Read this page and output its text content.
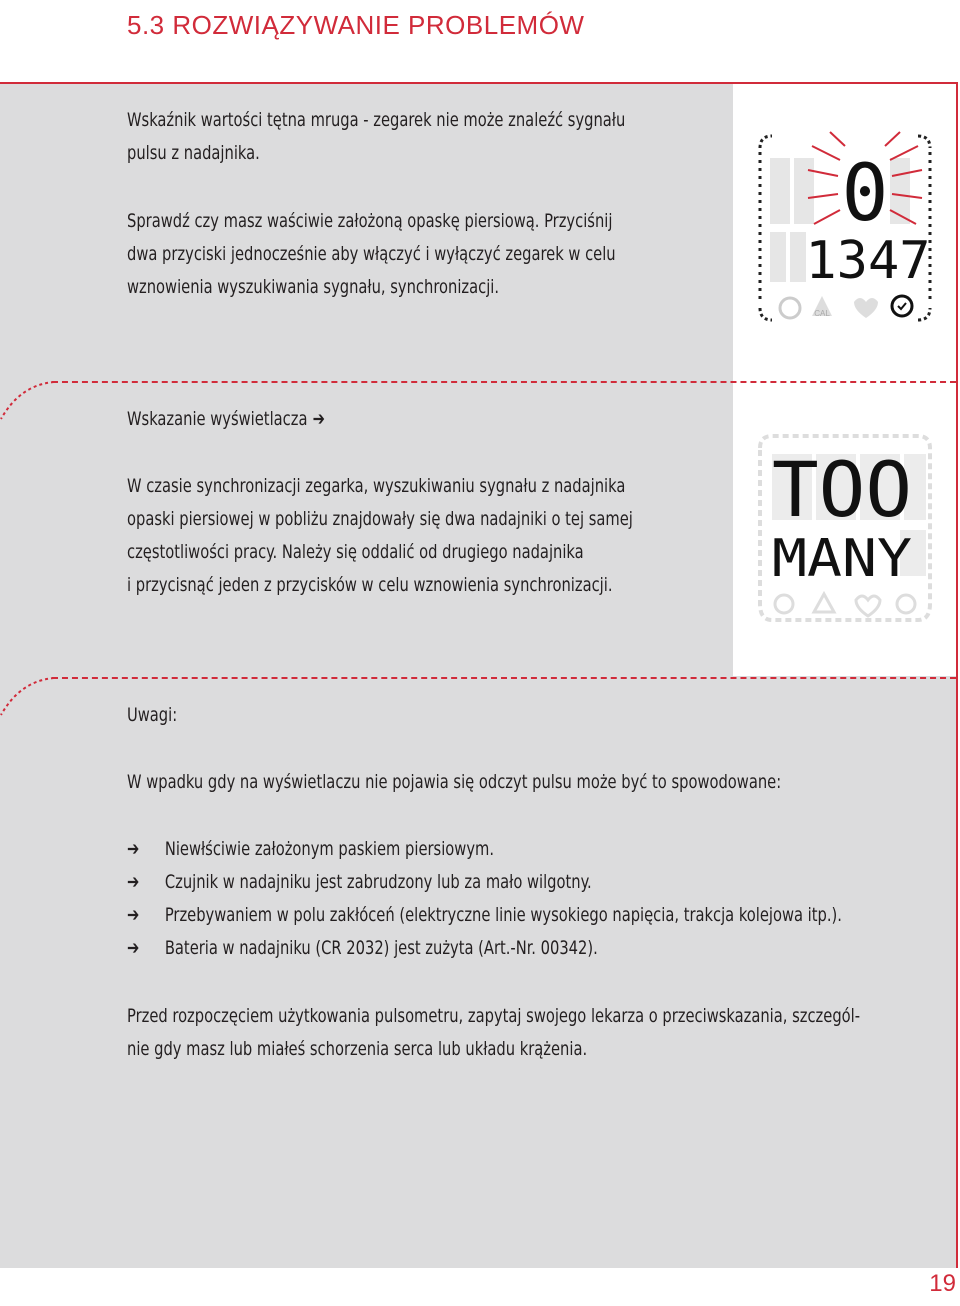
5.3 ROZWIĄZYWANIE PROBLEMÓW
Wskaźnik wartości tętna mruga - zegarek nie może znaleźć sygnału
pulsu z nadajnika.
Sprawdź czy masz waściwie założoną opaskę piersiową. Przyciśnij
dwa przyciski jednocześnie aby włączyć i wyłączyć zegarek w celu
wznowienia wyszukiwania sygnału, synchronizacji.
0
1347
CAL
Wskazanie wyświetlacza ➔
W czasie synchronizacji zegarka, wyszukiwaniu sygnału z nadajnika
opaski piersiowej w pobliżu znajdowały się dwa nadajniki o tej samej
częstotliwości pracy. Należy się oddalić od drugiego nadajnika
i przycisnąć jeden z przycisków w celu wznowienia synchronizacji.
TOO
MANY
Uwagi:
W wpadku gdy na wyświetlaczu nie pojawia się odczyt pulsu może być to spowodowane:
➔ Niewłściwie założonym paskiem piersiowym.
➔ Czujnik w nadajniku jest zabrudzony lub za mało wilgotny.
➔ Przebywaniem w polu zakłóceń (elektryczne linie wysokiego napięcia, trakcja kolejowa itp.).
➔ Bateria w nadajniku (CR 2032) jest zużyta (Art.-Nr. 00342).
Przed rozpoczęciem użytkowania pulsometru, zapytaj swojego lekarza o przeciwskazania, szczegól-
nie gdy masz lub miałeś schorzenia serca lub układu krążenia.
19
